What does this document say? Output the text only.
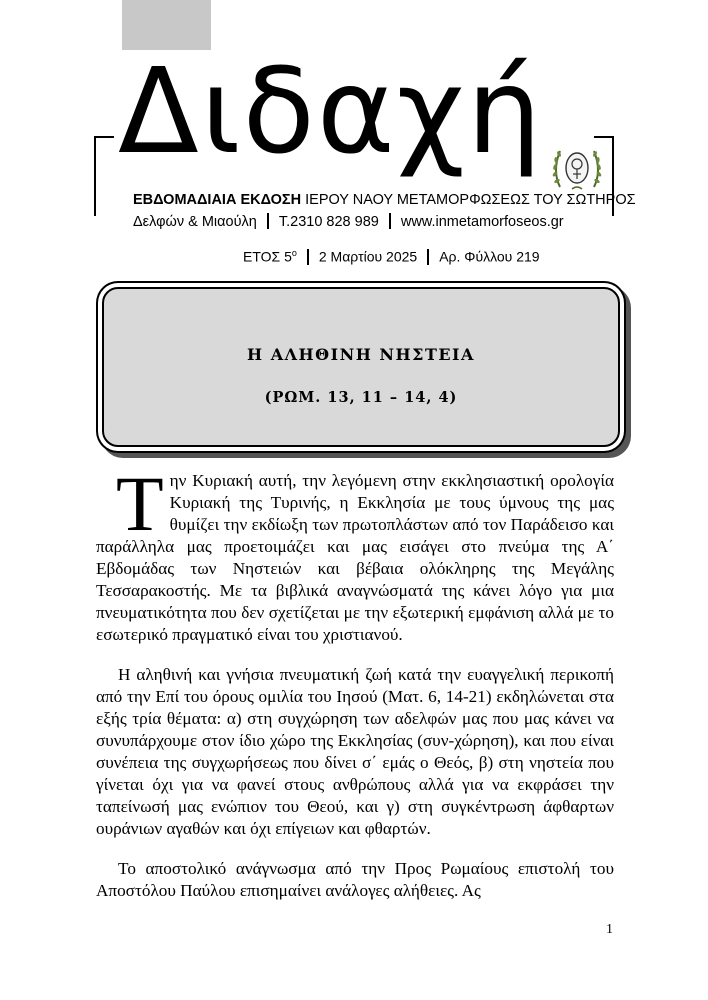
Διδαχή
ΕΒΔΟΜΑΔΙΑΙΑ ΕΚΔΟΣΗ ΙΕΡΟΥ ΝΑΟΥ ΜΕΤΑΜΟΡΦΩΣΕΩΣ ΤΟΥ ΣΩΤΗΡΟΣ
Δελφών & Μιαούλη Τ.2310 828 989 www.inmetamorfoseos.gr
ΕΤΟΣ $5^o$ 2 Μαρτίου 2025 Αρ. Φύλλου 219
Η ΑΛΗΘΙΝΗ ΝΗΣΤΕΙΑ
(ΡΩΜ. 13, 11 – 14, 4)

Την Κυριακή αυτή, την λεγόμενη στην εκκλησιαστική ορολογία Κυριακή της Τυρινής, η Εκκλησία με τους ύμνους της μας θυμίζει την εκδίωξη των πρωτοπλάστων από τον Παράδεισο και παράλληλα μας προετοιμάζει και μας εισάγει στο πνεύμα της Α΄ Εβδομάδας των Νηστειών και βέβαια ολόκληρης της Μεγάλης Τεσσαρακοστής. Με τα βιβλικά αναγνώσματά της κάνει λόγο για μια πνευματικότητα που δεν σχετίζεται με την εξωτερική εμφάνιση αλλά με το εσωτερικό πραγματικό είναι του χριστιανού.

Η αληθινή και γνήσια πνευματική ζωή κατά την ευαγγελική περικοπή από την Επί του όρους ομιλία του Ιησού (Ματ. 6, 14-21) εκδηλώνεται στα εξής τρία θέματα: α) στη συγχώρηση των αδελφών μας που μας κάνει να συνυπάρχουμε στον ίδιο χώρο της Εκκλησίας (συν-χώρηση), και που είναι συνέπεια της συγχωρήσεως που δίνει σ΄ εμάς ο Θεός, β) στη νηστεία που γίνεται όχι για να φανεί στους ανθρώπους αλλά για να εκφράσει την ταπείνωσή μας ενώπιον του Θεού, και γ) στη συγκέντρωση άφθαρτων ουράνιων αγαθών και όχι επίγειων και φθαρτών.

Το αποστολικό ανάγνωσμα από την Προς Ρωμαίους επιστολή του Αποστόλου Παύλου επισημαίνει ανάλογες αλήθειες. Ας

1
